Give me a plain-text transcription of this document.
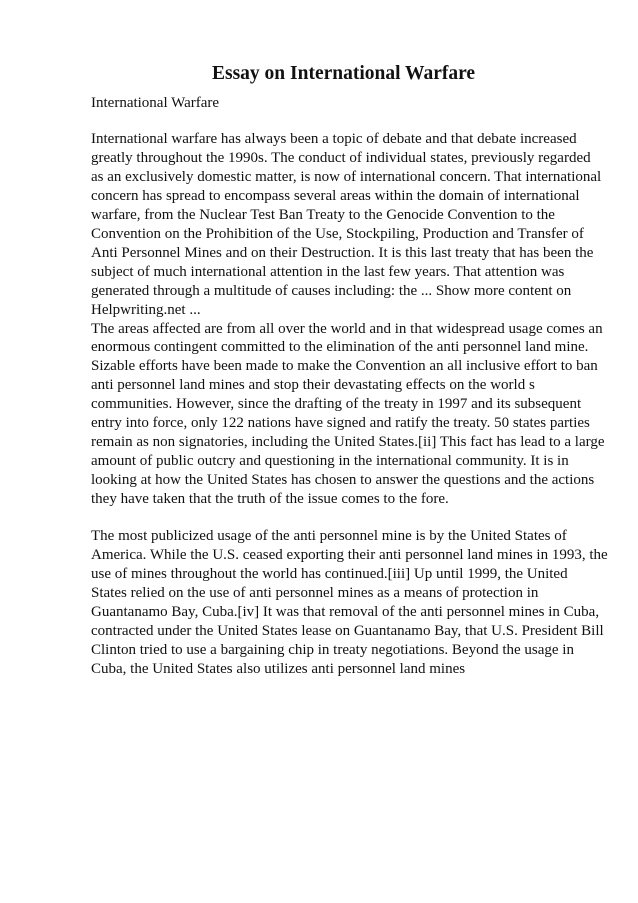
Essay on International Warfare
International Warfare
International warfare has always been a topic of debate and that debate increased
greatly throughout the 1990s. The conduct of individual states, previously regarded
as an exclusively domestic matter, is now of international concern. That international
concern has spread to encompass several areas within the domain of international
warfare, from the Nuclear Test Ban Treaty to the Genocide Convention to the
Convention on the Prohibition of the Use, Stockpiling, Production and Transfer of
Anti Personnel Mines and on their Destruction. It is this last treaty that has been the
subject of much international attention in the last few years. That attention was
generated through a multitude of causes including: the ... Show more content on
Helpwriting.net ...
The areas affected are from all over the world and in that widespread usage comes an
enormous contingent committed to the elimination of the anti personnel land mine.
Sizable efforts have been made to make the Convention an all inclusive effort to ban
anti personnel land mines and stop their devastating effects on the world s
communities. However, since the drafting of the treaty in 1997 and its subsequent
entry into force, only 122 nations have signed and ratify the treaty. 50 states parties
remain as non signatories, including the United States.[ii] This fact has lead to a large
amount of public outcry and questioning in the international community. It is in
looking at how the United States has chosen to answer the questions and the actions
they have taken that the truth of the issue comes to the fore.
The most publicized usage of the anti personnel mine is by the United States of
America. While the U.S. ceased exporting their anti personnel land mines in 1993, the
use of mines throughout the world has continued.[iii] Up until 1999, the United
States relied on the use of anti personnel mines as a means of protection in
Guantanamo Bay, Cuba.[iv] It was that removal of the anti personnel mines in Cuba,
contracted under the United States lease on Guantanamo Bay, that U.S. President Bill
Clinton tried to use a bargaining chip in treaty negotiations. Beyond the usage in
Cuba, the United States also utilizes anti personnel land mines
